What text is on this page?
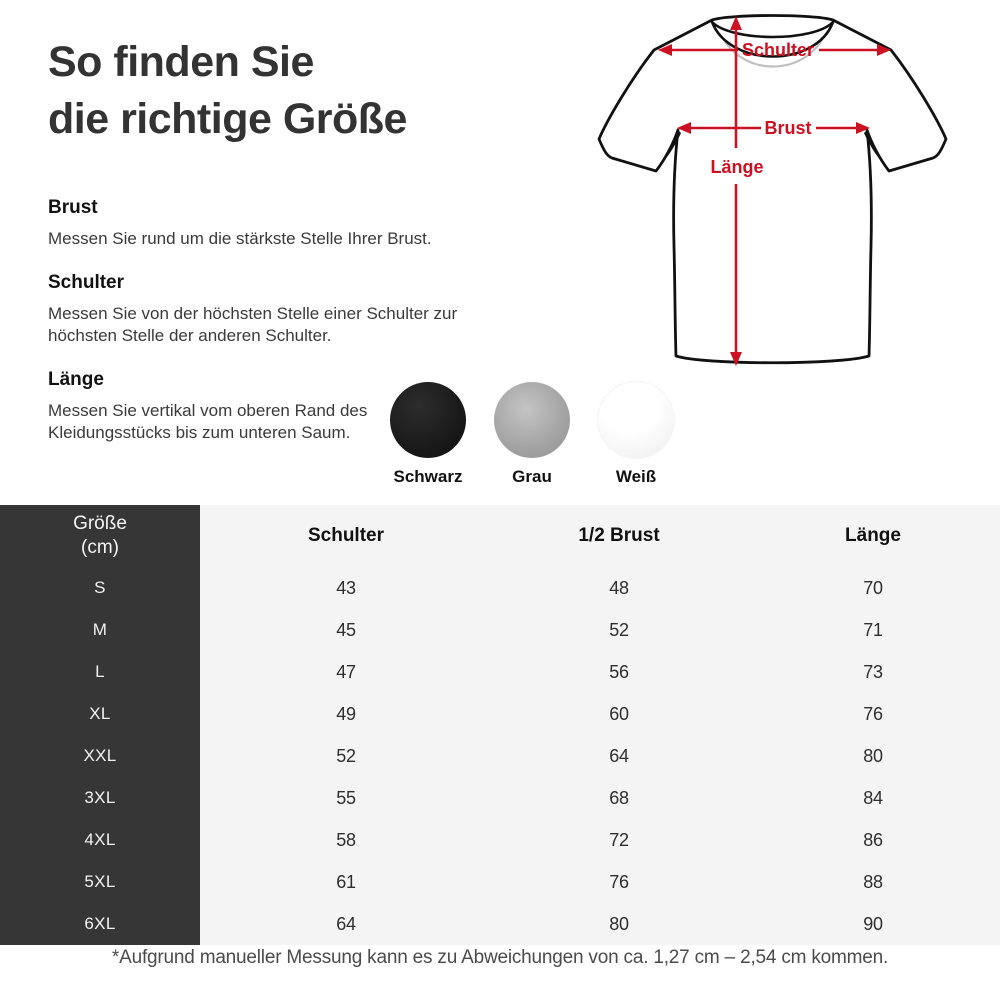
So finden Sie
die richtige Größe
Brust

Messen Sie rund um die stärkste Stelle Ihrer Brust.

Schulter

Messen Sie von der höchsten Stelle einer Schulter zur höchsten Stelle der anderen Schulter.

Länge

Messen Sie vertikal vom oberen Rand des Kleidungsstücks bis zum unteren Saum.

Schulter
Brust
Länge
Schwarz	Grau	Weiß
Größe
(cm)
Schulter	1/2 Brust	Länge
S	43	48	70
M	45	52	71
L	47	56	73
XL	49	60	76
XXL	52	64	80
3XL	55	68	84
4XL	58	72	86
5XL	61	76	88
6XL	64	80	90
*Aufgrund manueller Messung kann es zu Abweichungen von ca. 1,27 cm – 2,54 cm kommen.
